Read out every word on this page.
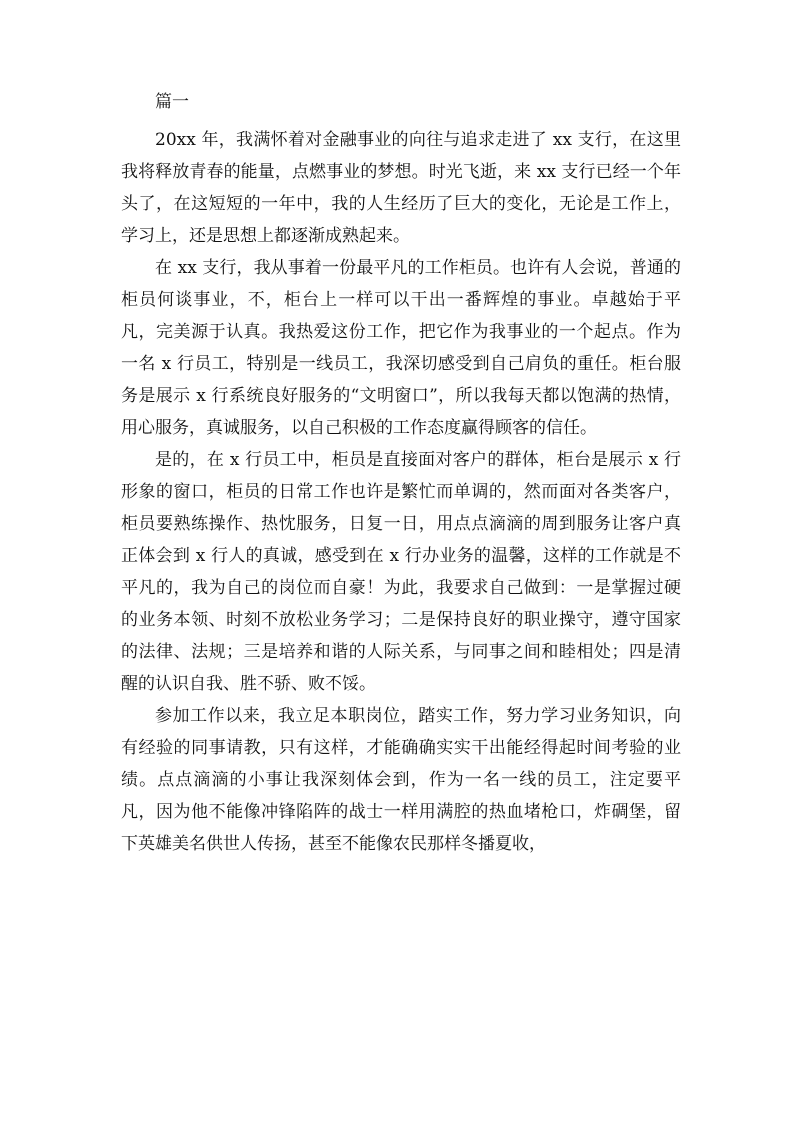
篇一

20xx 年，我满怀着对金融事业的向往与追求走进了 xx 支行，在这里我将释放青春的能量，点燃事业的梦想。时光飞逝，来 xx 支行已经一个年头了，在这短短的一年中，我的人生经历了巨大的变化，无论是工作上，学习上，还是思想上都逐渐成熟起来。

在 xx 支行，我从事着一份最平凡的工作柜员。也许有人会说，普通的柜员何谈事业，不，柜台上一样可以干出一番辉煌的事业。卓越始于平凡，完美源于认真。我热爱这份工作，把它作为我事业的一个起点。作为一名 x 行员工，特别是一线员工，我深切感受到自己肩负的重任。柜台服务是展示 x 行系统良好服务的“文明窗口”，所以我每天都以饱满的热情，用心服务，真诚服务，以自己积极的工作态度赢得顾客的信任。

是的，在 x 行员工中，柜员是直接面对客户的群体，柜台是展示 x 行形象的窗口，柜员的日常工作也许是繁忙而单调的，然而面对各类客户，柜员要熟练操作、热忱服务，日复一日，用点点滴滴的周到服务让客户真正体会到 x 行人的真诚，感受到在 x 行办业务的温馨，这样的工作就是不平凡的，我为自己的岗位而自豪！为此，我要求自己做到：一是掌握过硬的业务本领、时刻不放松业务学习；二是保持良好的职业操守，遵守国家的法律、法规；三是培养和谐的人际关系，与同事之间和睦相处；四是清醒的认识自我、胜不骄、败不馁。

参加工作以来，我立足本职岗位，踏实工作，努力学习业务知识，向有经验的同事请教，只有这样，才能确确实实干出能经得起时间考验的业绩。点点滴滴的小事让我深刻体会到，作为一名一线的员工，注定要平凡，因为他不能像冲锋陷阵的战士一样用满腔的热血堵枪口，炸碉堡，留下英雄美名供世人传扬，甚至不能像农民那样冬播夏收，
